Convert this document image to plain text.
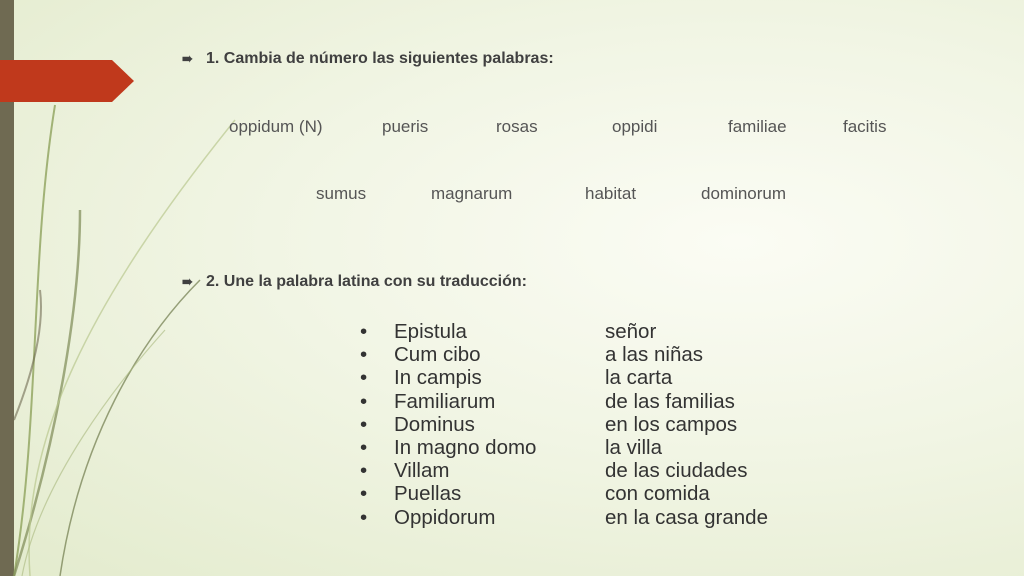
➠ 1. Cambia de número las siguientes palabras:
oppidum (N)	pueris	rosas	oppidi	familiae	facitis
sumus	magnarum	habitat	dominorum
➠ 2. Une la palabra latina con su traducción:
•	Epistula	señor
•	Cum cibo	a las niñas
•	In campis	la carta
•	Familiarum	de las familias
•	Dominus	en los campos
•	In magno domo	la villa
•	Villam	de las ciudades
•	Puellas	con comida
•	Oppidorum	en la casa grande
